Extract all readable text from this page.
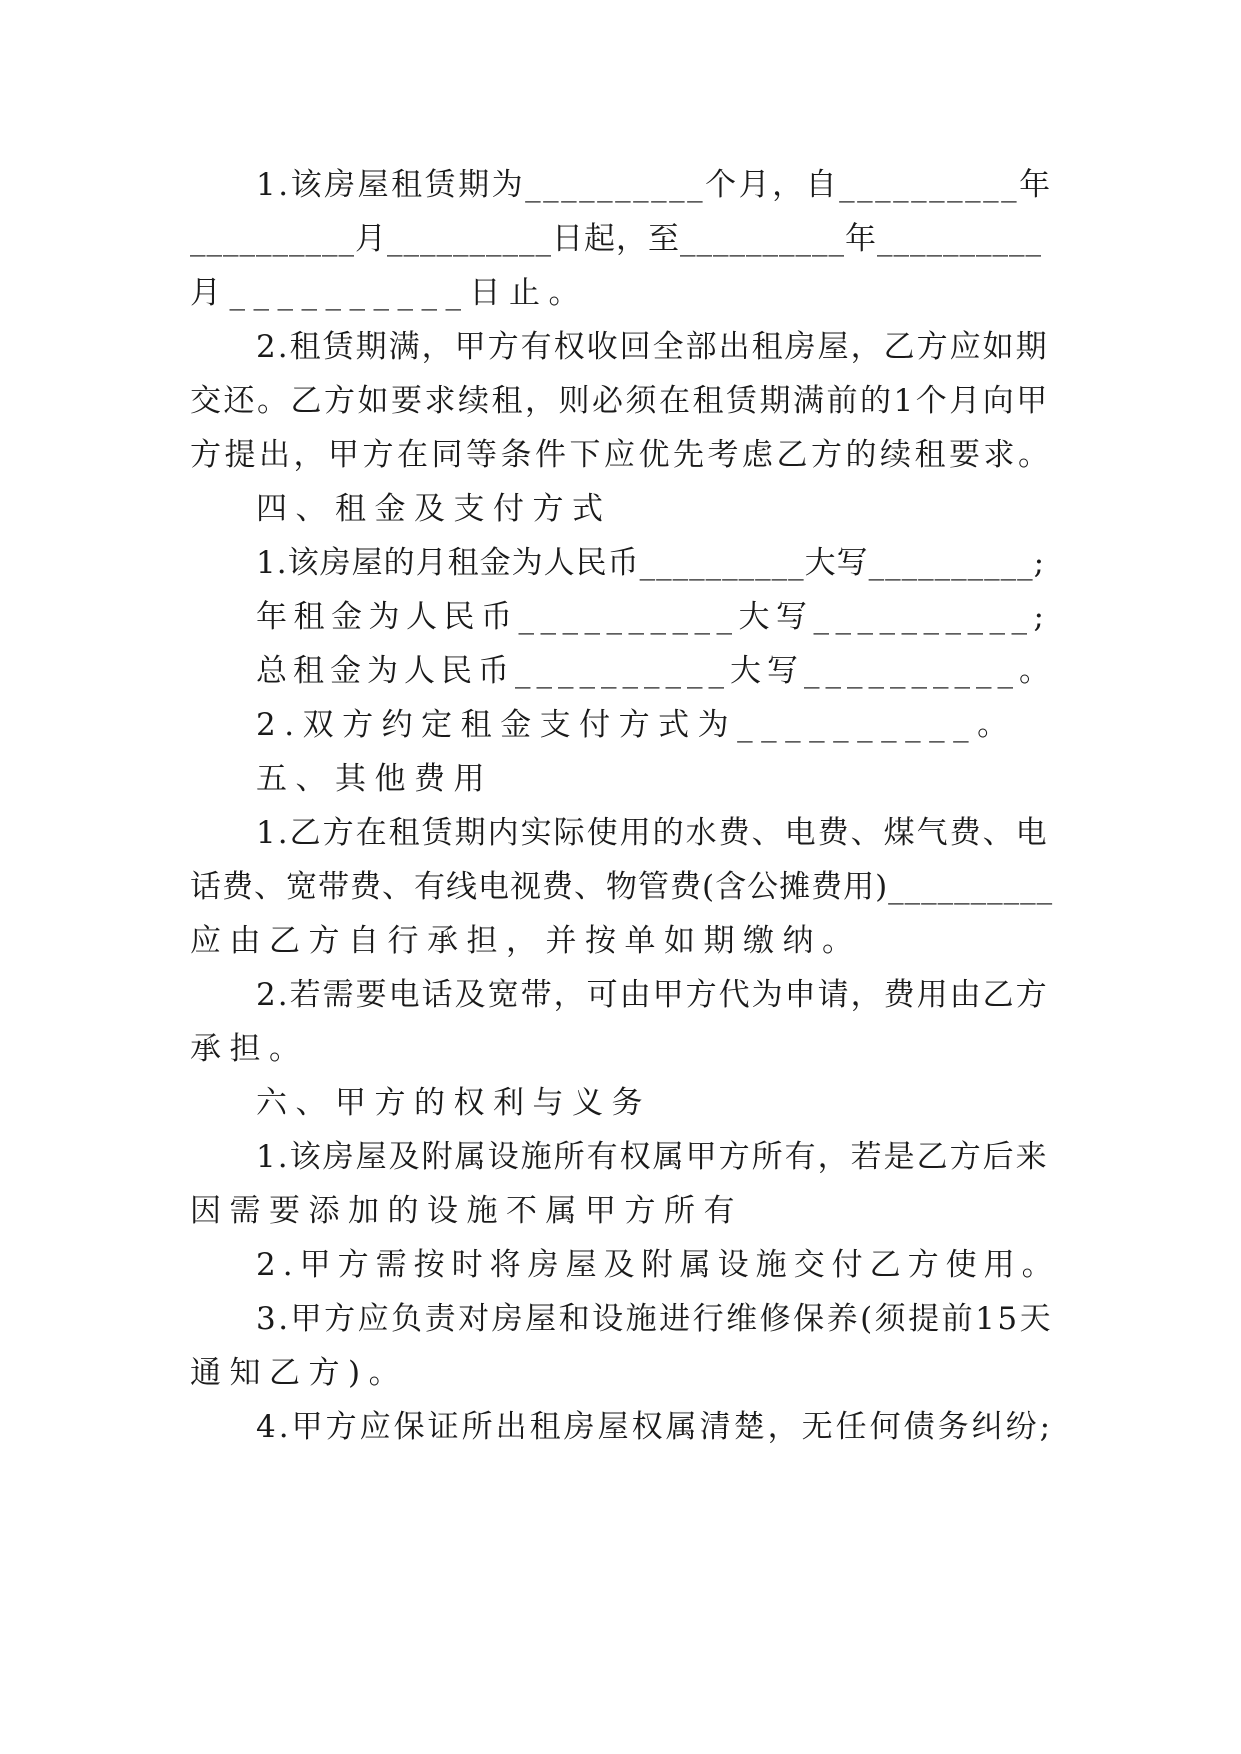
1.该房屋租赁期为__________个月，自__________年
__________月__________日起，至__________年__________
月__________日止。
2.租赁期满，甲方有权收回全部出租房屋，乙方应如期
交还。乙方如要求续租，则必须在租赁期满前的1个月向甲
方提出，甲方在同等条件下应优先考虑乙方的续租要求。
四、租金及支付方式
1.该房屋的月租金为人民币__________大写__________;
年租金为人民币__________大写__________;
总租金为人民币__________大写__________。
2.双方约定租金支付方式为__________。
五、其他费用
1.乙方在租赁期内实际使用的水费、电费、煤气费、电
话费、宽带费、有线电视费、物管费(含公摊费用)__________
应由乙方自行承担，并按单如期缴纳。
2.若需要电话及宽带，可由甲方代为申请，费用由乙方
承担。
六、甲方的权利与义务
1.该房屋及附属设施所有权属甲方所有，若是乙方后来
因需要添加的设施不属甲方所有
2.甲方需按时将房屋及附属设施交付乙方使用。
3.甲方应负责对房屋和设施进行维修保养(须提前15天
通知乙方)。
4.甲方应保证所出租房屋权属清楚，无任何债务纠纷;
